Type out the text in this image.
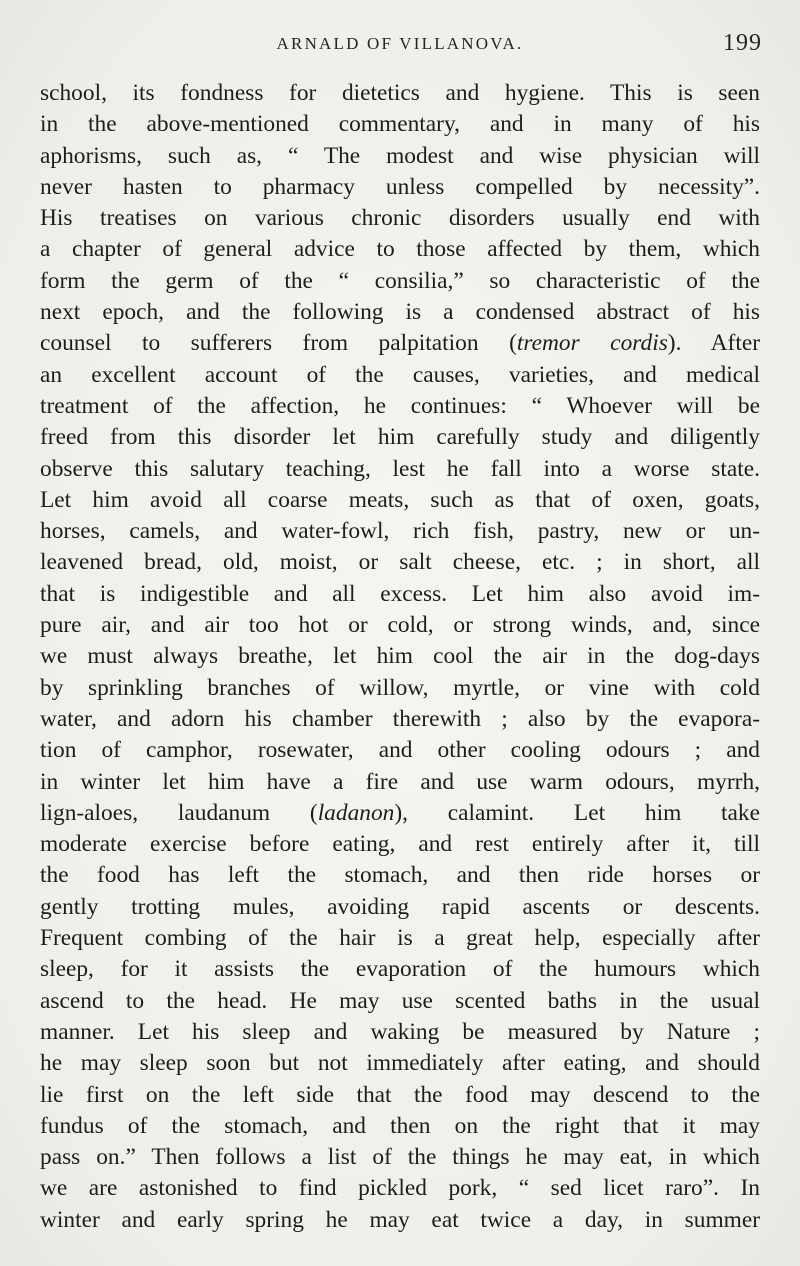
ARNALD OF VILLANOVA.	199
school, its fondness for dietetics and hygiene. This is seen
in the above-mentioned commentary, and in many of his
aphorisms, such as, “ The modest and wise physician will
never hasten to pharmacy unless compelled by necessity”.
His treatises on various chronic disorders usually end with
a chapter of general advice to those affected by them, which
form the germ of the “ consilia,” so characteristic of the
next epoch, and the following is a condensed abstract of his
counsel to sufferers from palpitation (tremor cordis). After
an excellent account of the causes, varieties, and medical
treatment of the affection, he continues: “ Whoever will be
freed from this disorder let him carefully study and diligently
observe this salutary teaching, lest he fall into a worse state.
Let him avoid all coarse meats, such as that of oxen, goats,
horses, camels, and water-fowl, rich fish, pastry, new or un-
leavened bread, old, moist, or salt cheese, etc. ; in short, all
that is indigestible and all excess. Let him also avoid im-
pure air, and air too hot or cold, or strong winds, and, since
we must always breathe, let him cool the air in the dog-days
by sprinkling branches of willow, myrtle, or vine with cold
water, and adorn his chamber therewith ; also by the evapora-
tion of camphor, rosewater, and other cooling odours ; and
in winter let him have a fire and use warm odours, myrrh,
lign-aloes, laudanum (ladanon), calamint. Let him take
moderate exercise before eating, and rest entirely after it, till
the food has left the stomach, and then ride horses or
gently trotting mules, avoiding rapid ascents or descents.
Frequent combing of the hair is a great help, especially after
sleep, for it assists the evaporation of the humours which
ascend to the head. He may use scented baths in the usual
manner. Let his sleep and waking be measured by Nature ;
he may sleep soon but not immediately after eating, and should
lie first on the left side that the food may descend to the
fundus of the stomach, and then on the right that it may
pass on.” Then follows a list of the things he may eat, in which
we are astonished to find pickled pork, “ sed licet raro”. In
winter and early spring he may eat twice a day, in summer
